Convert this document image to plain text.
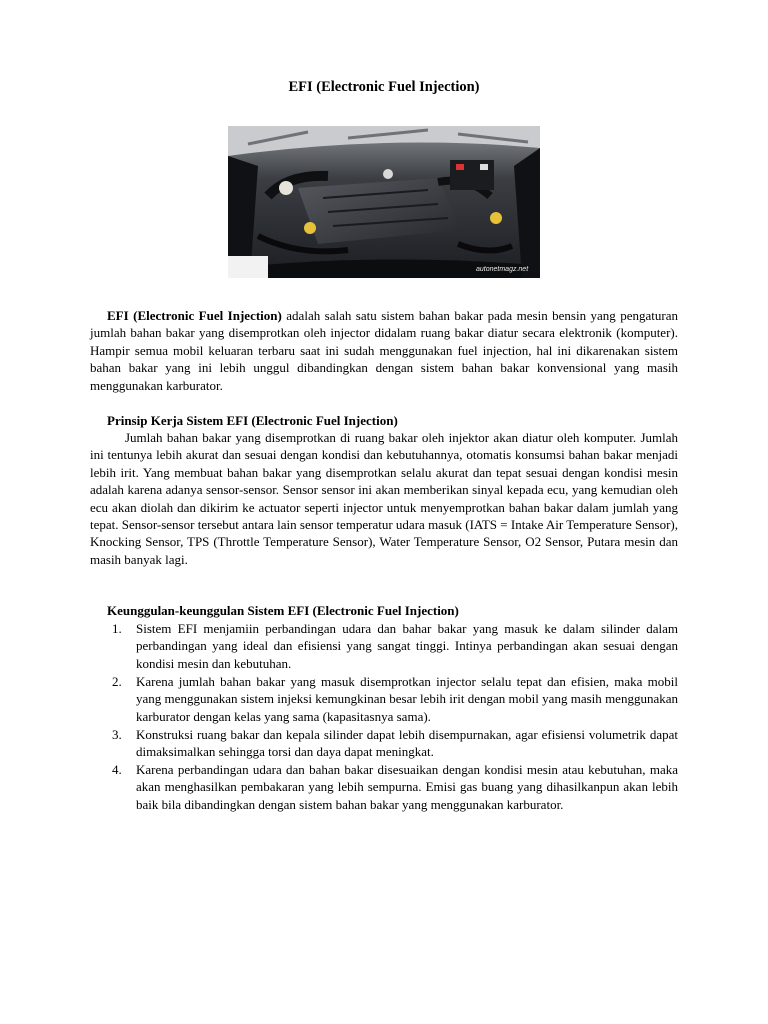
EFI (Electronic Fuel Injection)
autonetmagz.net

EFI (Electronic Fuel Injection) adalah salah satu sistem bahan bakar pada mesin bensin yang pengaturan jumlah bahan bakar yang disemprotkan oleh injector didalam ruang bakar diatur secara elektronik (komputer). Hampir semua mobil keluaran terbaru saat ini sudah menggunakan fuel injection, hal ini dikarenakan sistem bahan bakar yang ini lebih unggul dibandingkan dengan sistem bahan bakar konvensional yang masih menggunakan karburator.

Prinsip Kerja Sistem EFI (Electronic Fuel Injection)

Jumlah bahan bakar yang disemprotkan di ruang bakar oleh injektor akan diatur oleh komputer. Jumlah ini tentunya lebih akurat dan sesuai dengan kondisi dan kebutuhannya, otomatis konsumsi bahan bakar menjadi lebih irit. Yang membuat bahan bakar yang disemprotkan selalu akurat dan tepat sesuai dengan kondisi mesin adalah karena adanya sensor-sensor. Sensor sensor ini akan memberikan sinyal kepada ecu, yang kemudian oleh ecu akan diolah dan dikirim ke actuator seperti injector untuk menyemprotkan bahan bakar dalam jumlah yang tepat. Sensor-sensor tersebut antara lain sensor temperatur udara masuk (IATS = Intake Air Temperature Sensor), Knocking Sensor, TPS (Throttle Temperature Sensor), Water Temperature Sensor, O2 Sensor, Putara mesin dan masih banyak lagi.

Keunggulan-keunggulan Sistem EFI (Electronic Fuel Injection)
1. Sistem EFI menjamiin perbandingan udara dan bahar bakar yang masuk ke dalam silinder dalam perbandingan yang ideal dan efisiensi yang sangat tinggi. Intinya perbandingan akan sesuai dengan kondisi mesin dan kebutuhan.
2. Karena jumlah bahan bakar yang masuk disemprotkan injector selalu tepat dan efisien, maka mobil yang menggunakan sistem injeksi kemungkinan besar lebih irit dengan mobil yang masih menggunakan karburator dengan kelas yang sama (kapasitasnya sama).
3. Konstruksi ruang bakar dan kepala silinder dapat lebih disempurnakan, agar efisiensi volumetrik dapat dimaksimalkan sehingga torsi dan daya dapat meningkat.
4. Karena perbandingan udara dan bahan bakar disesuaikan dengan kondisi mesin atau kebutuhan, maka akan menghasilkan pembakaran yang lebih sempurna. Emisi gas buang yang dihasilkanpun akan lebih baik bila dibandingkan dengan sistem bahan bakar yang menggunakan karburator.
